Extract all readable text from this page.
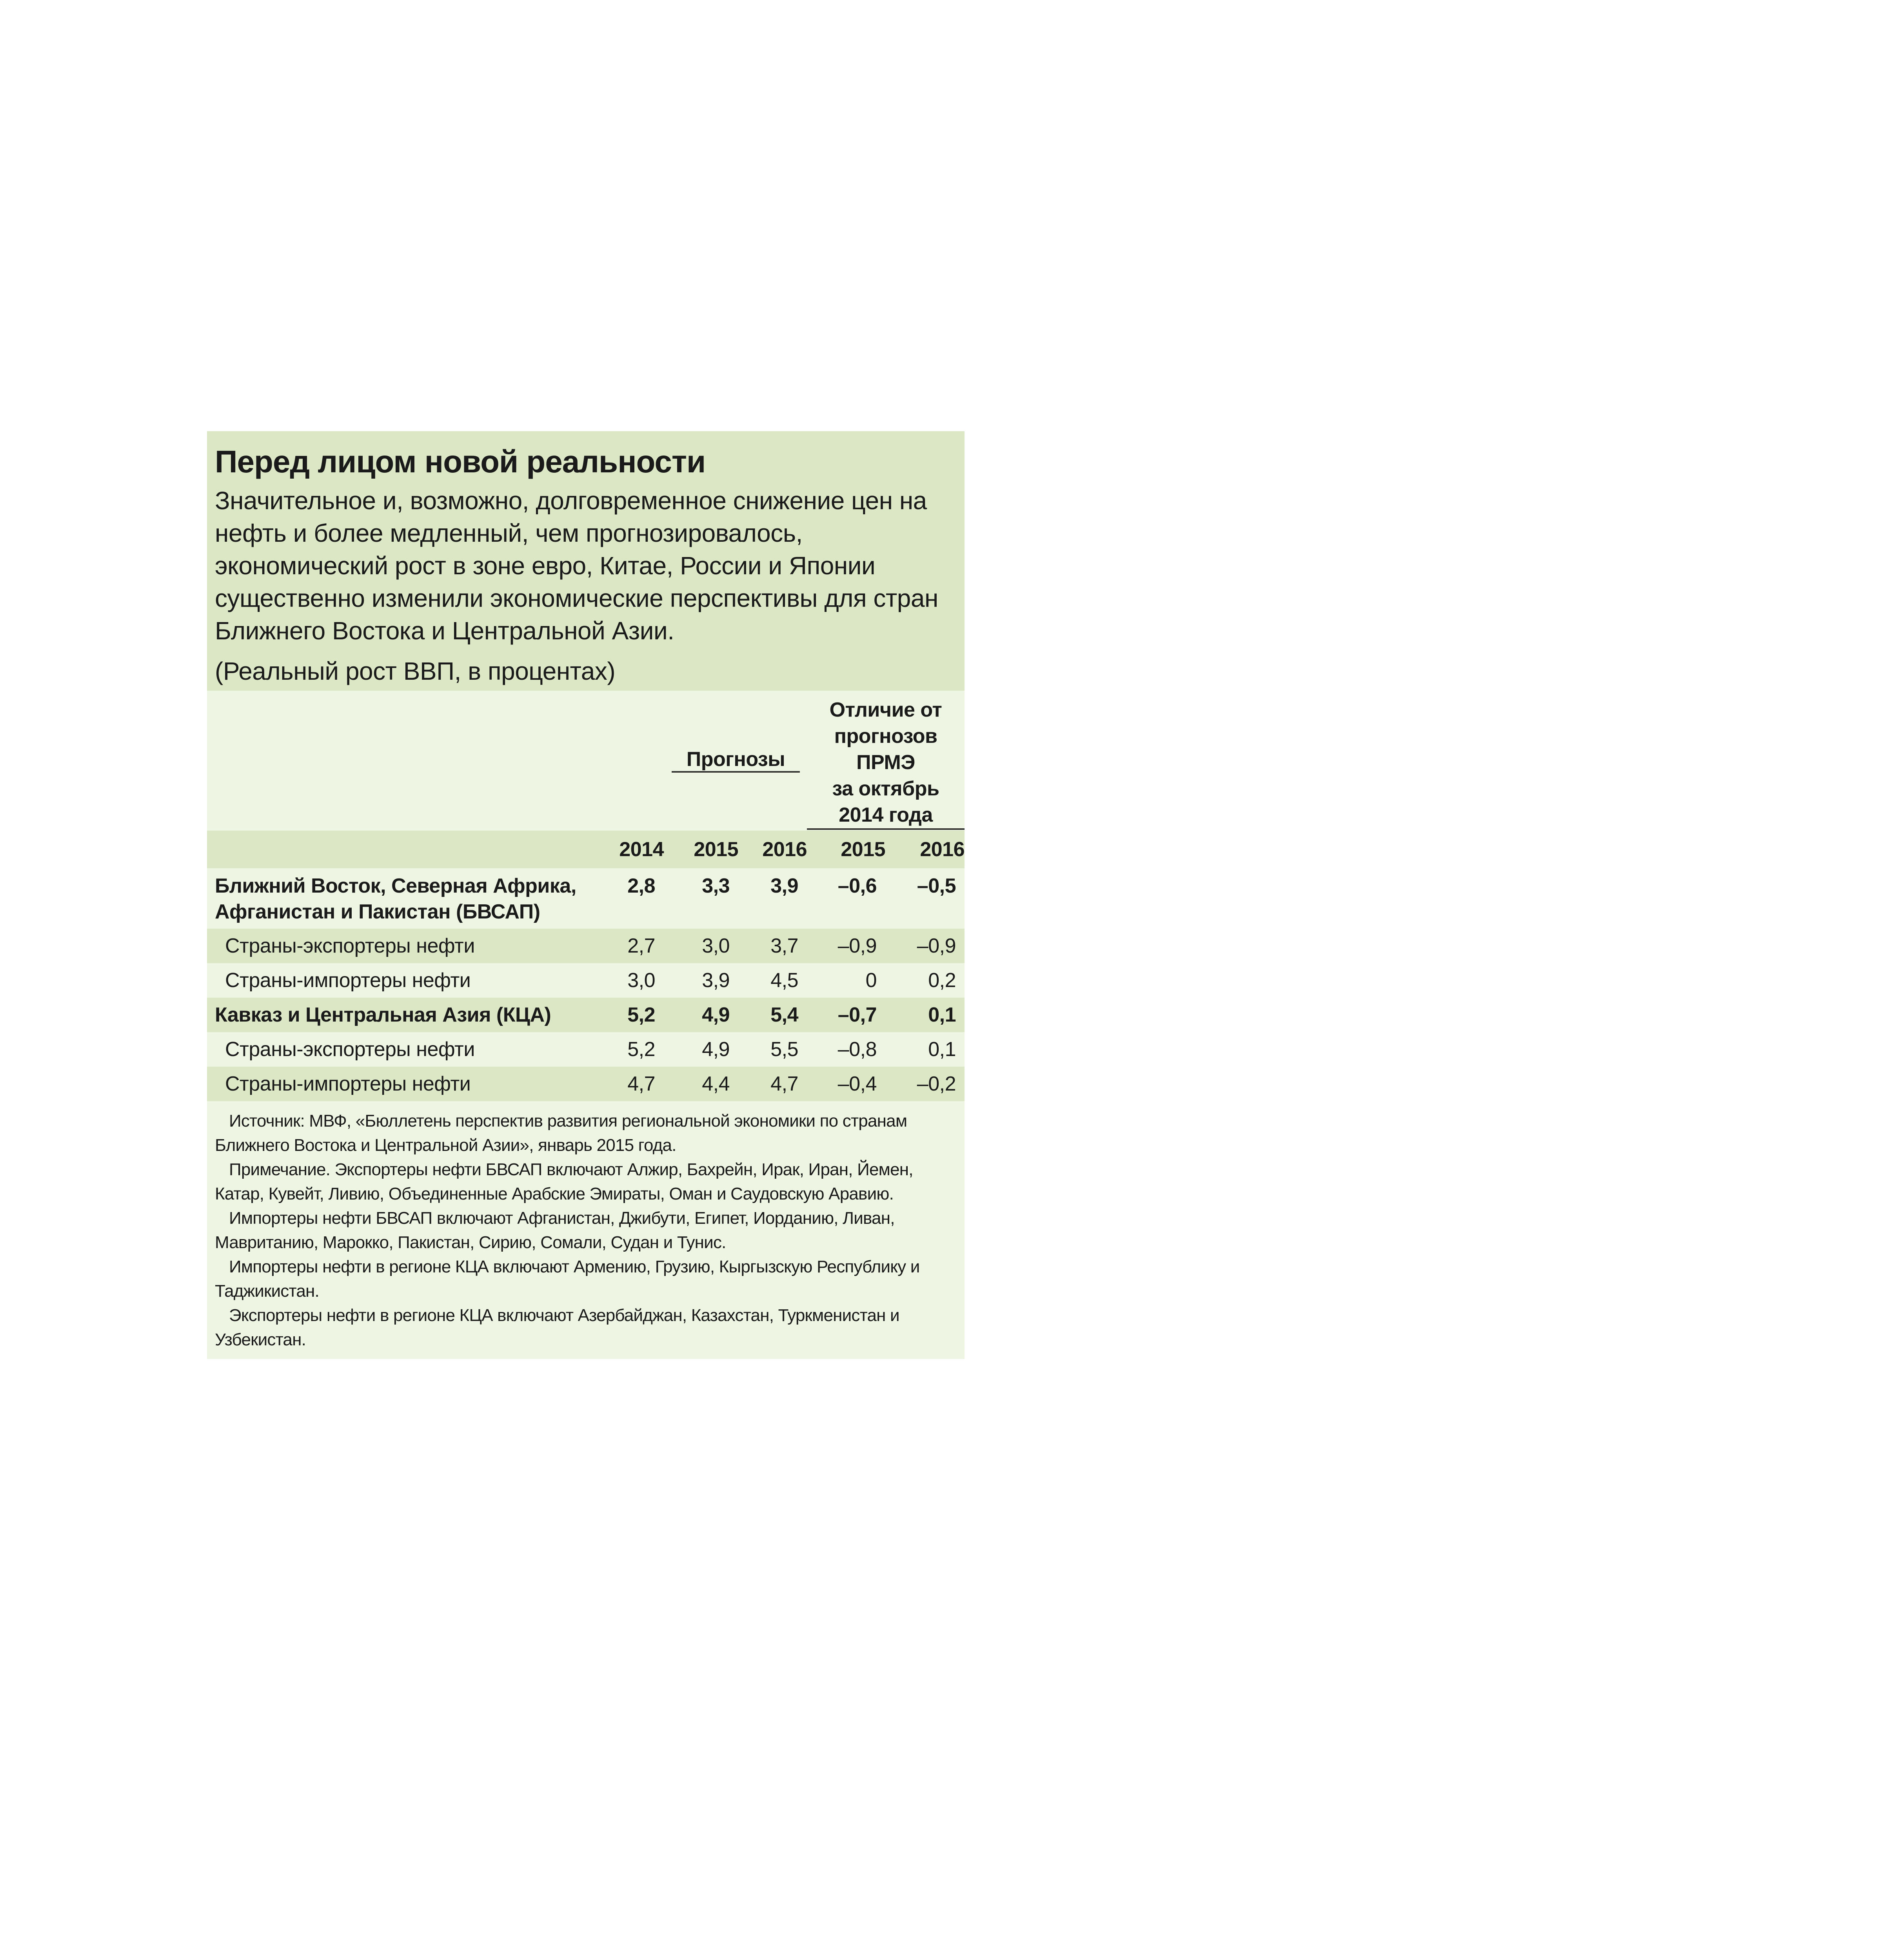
Перед лицом новой реальности
Значительное и, возможно, долговременное снижение цен на нефть и более медленный, чем прогнозировалось, экономический рост в зоне евро, Китае, России и Японии существенно изменили экономические перспективы для стран Ближнего Востока и Центральной Азии.
(Реальный рост ВВП, в процентах)

		Прогнозы		Отличие от
прогнозов ПРМЭ
за октябрь
2014 года	

	2014	2015	2016	2015	2016

Ближний Восток, Северная Африка,
Афганистан и Пакистан (БВСАП)	2,8	3,3	3,9	–0,6	–0,5
Страны-экспортеры нефти	2,7	3,0	3,7	–0,9	–0,9
Страны-импортеры нефти	3,0	3,9	4,5	0	0,2
Кавказ и Центральная Азия (КЦА)	5,2	4,9	5,4	–0,7	0,1
Страны-экспортеры нефти	5,2	4,9	5,5	–0,8	0,1
Страны-импортеры нефти	4,7	4,4	4,7	–0,4	–0,2

Источник: МВФ, «Бюллетень перспектив развития региональной экономики по странам Ближнего Востока и Центральной Азии», январь 2015 года.

Примечание. Экспортеры нефти БВСАП включают Алжир, Бахрейн, Ирак, Иран, Йемен, Катар, Кувейт, Ливию, Объединенные Арабские Эмираты, Оман и Саудовскую Аравию.

Импортеры нефти БВСАП включают Афганистан, Джибути, Египет, Иорданию, Ливан, Мавританию, Марокко, Пакистан, Сирию, Сомали, Судан и Тунис.

Импортеры нефти в регионе КЦА включают Армению, Грузию, Кыргызскую Республику и Таджикистан.

Экспортеры нефти в регионе КЦА включают Азербайджан, Казахстан, Туркменистан и Узбекистан.
